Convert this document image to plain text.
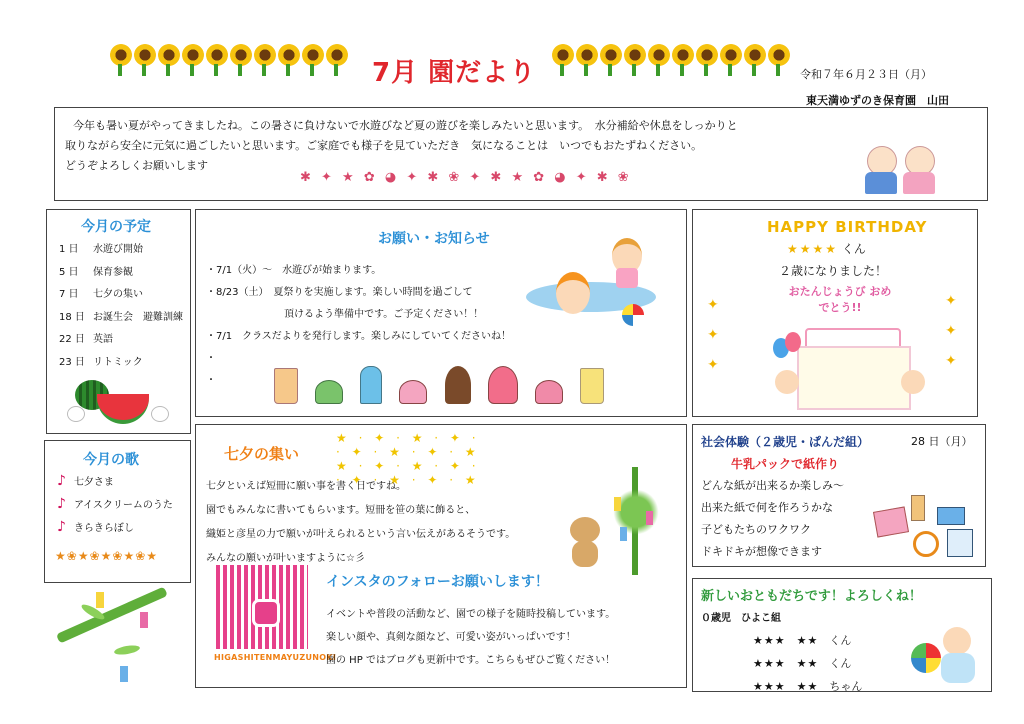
7月 園だより	令和７年６月２３日（月）
東天満ゆずのき保育園　山田
今年も暑い夏がやってきましたね。この暑さに負けないで水遊びなど夏の遊びを楽しみたいと思います。　水分補給や休息をしっかりと
取りながら安全に元気に過ごしたいと思います。ご家庭でも様子を見ていただき　気になることは　いつでもおたずねください。
どうぞよろしくお願いします
✱ ✦ ★ ✿ ◕ ✦ ✱ ❀ ✦ ✱ ★ ✿ ◕ ✦ ✱ ❀
今月の予定
1 日	水遊び開始
5 日	保育参観
7 日	七夕の集い
18 日 お誕生会　避難訓練
22 日 英語
23 日 リトミック
お願い・お知らせ
・7/1（火）～　水遊びが始まります。
・8/23（土）　夏祭りを実施します。楽しい時間を過ごして
頂けるよう準備中です。ご予定ください！！
・7/1　クラスだよりを発行します。楽しみにしていてくださいね！
・
・
HAPPY BIRTHDAY
★★★★ くん
２歳になりました！
おたんじょうび おめでとう!!
✦
✦
✦
✦
✦
✦
今月の歌
♪ 七夕さま
♪ アイスクリームのうた
♪ きらきらぼし
★❀★❀★❀★❀★
七夕の集い
★ · ✦ · ★ · ✦ ·
· ✦ · ★ · ✦ · ★
★ · ✦ · ★ · ✦ ·
· ✦ · ★ · ✦ · ★
七夕といえば短冊に願い事を書く日ですね。
園でもみんなに書いてもらいます。短冊を笹の葉に飾ると、
織姫と彦星の力で願いが叶えられるという言い伝えがあるそうです。
みんなの願いが叶いますように☆彡
HIGASHITENMAYUZUNOKI
インスタのフォローお願いします！
イベントや普段の活動など、園での様子を随時投稿しています。
楽しい顔や、真剣な顔など、可愛い姿がいっぱいです！
園の HP ではブログも更新中です。こちらもぜひご覧ください！
社会体験（２歳児・ぱんだ組）	28 日（月）
牛乳パックで紙作り
どんな紙が出来るか楽しみ～
出来た紙で何を作ろうかな
子どもたちのワクワク
ドキドキが想像できます
新しいおともだちです！よろしくね！
０歳児　ひよこ組
★★★　 ★★　 くん
★★★　 ★★　 くん
★★★　 ★★　 ちゃん
